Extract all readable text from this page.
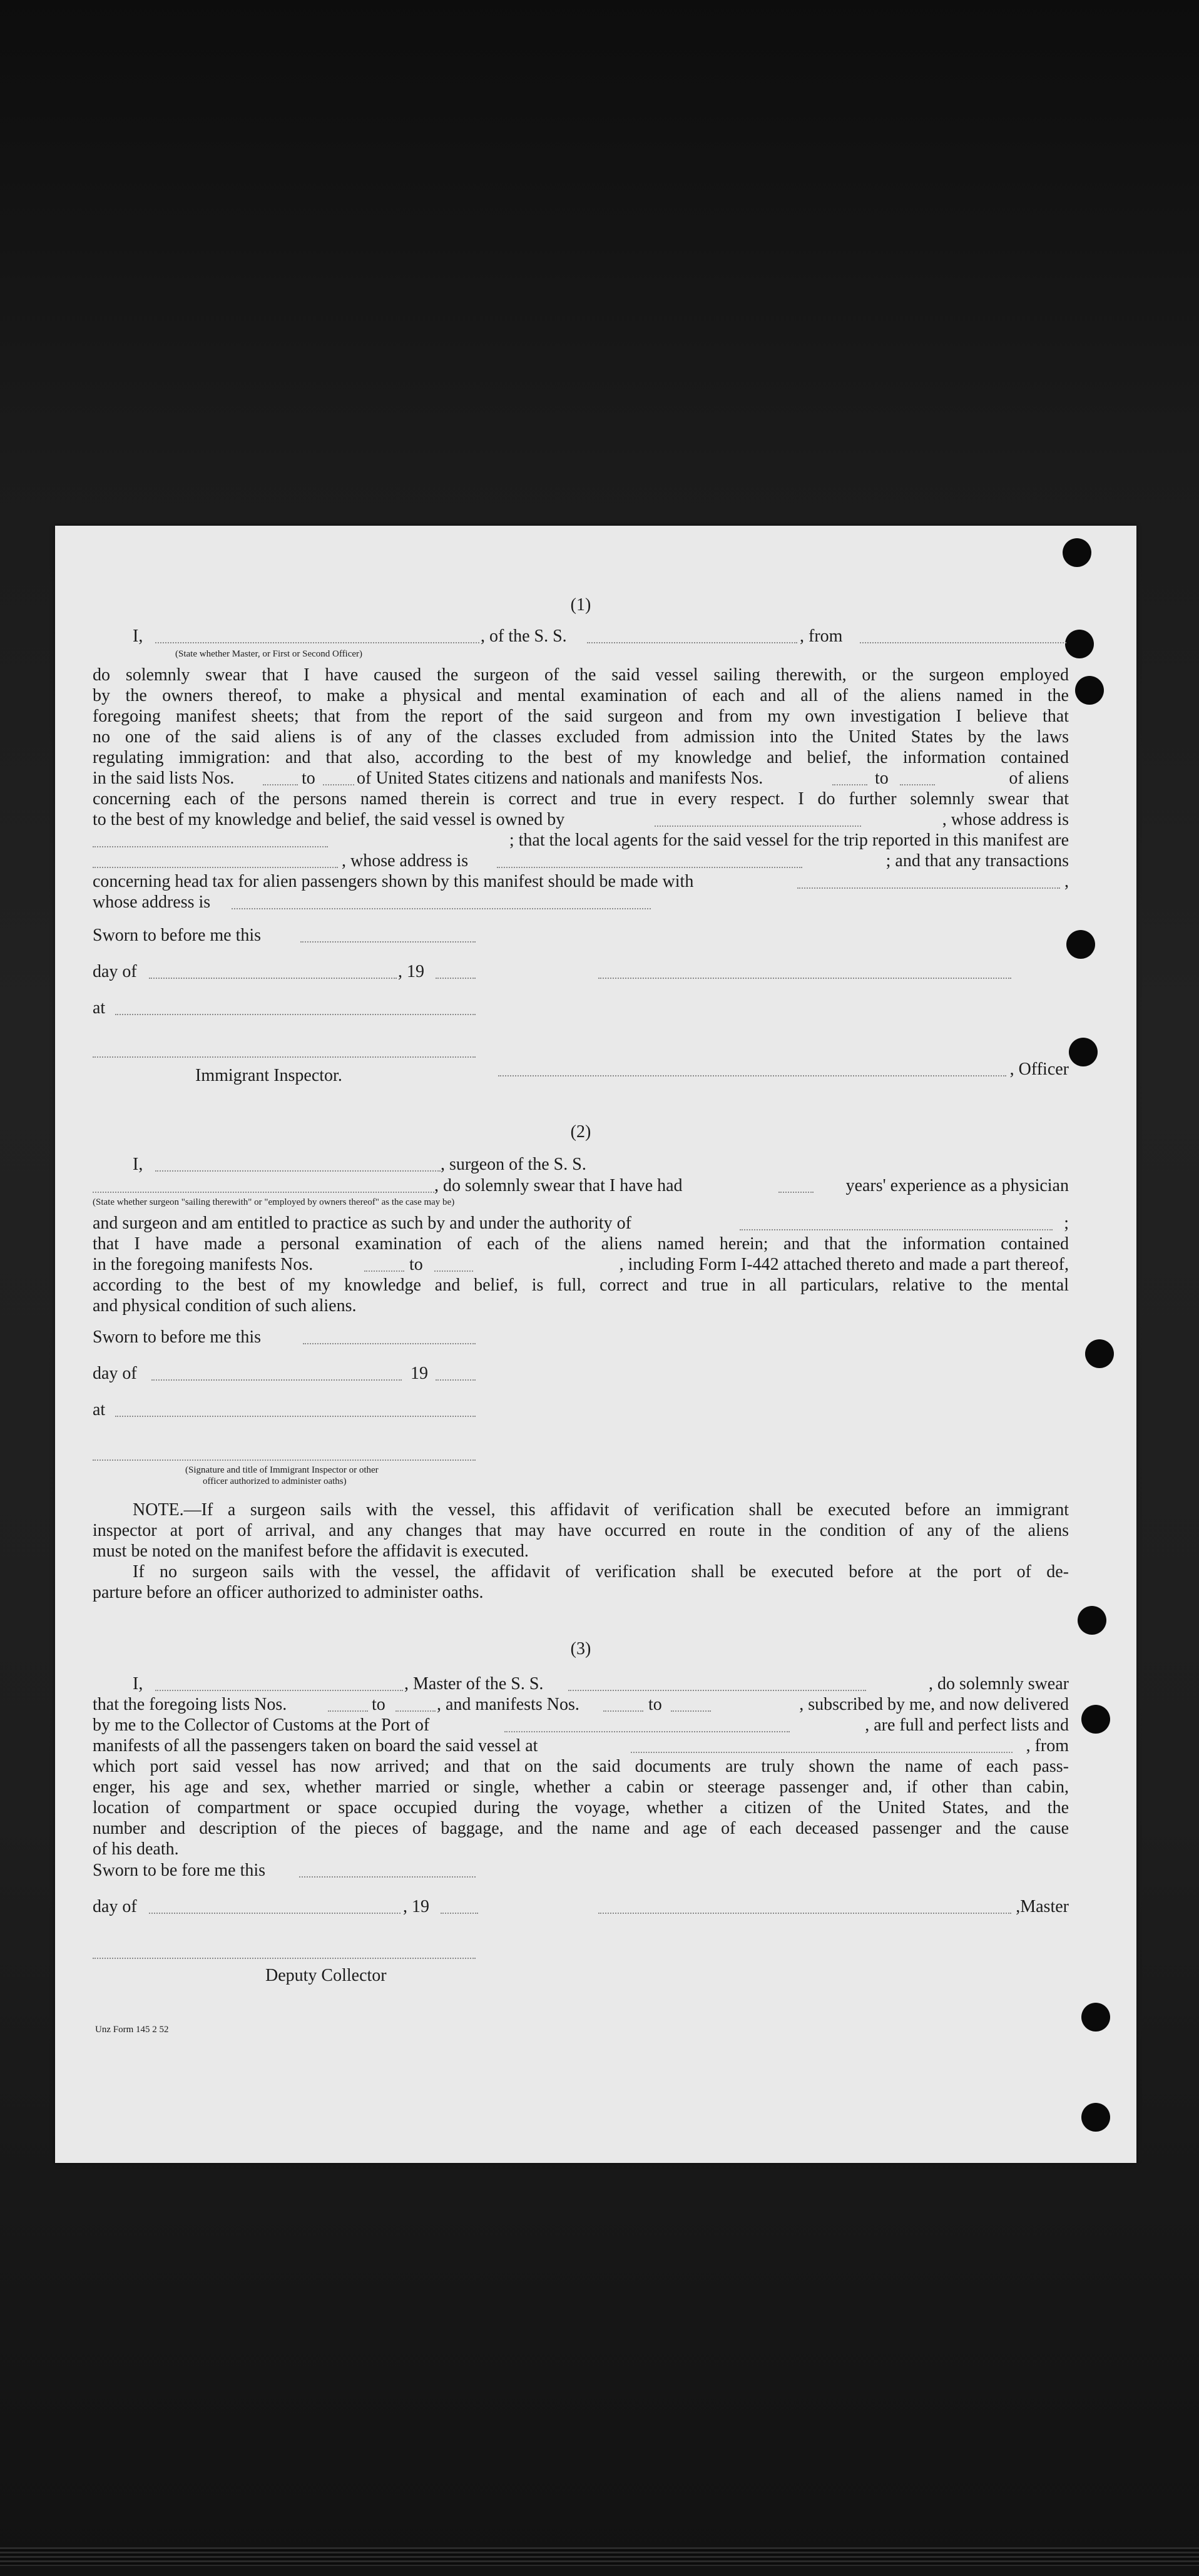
(1)
I,	, of the S. S.	, from
(State whether Master, or First or Second Officer)
do solemnly swear that I have caused the surgeon of the said vessel sailing therewith, or the surgeon employed
by the owners thereof, to make a physical and mental examination of each and all of the aliens named in the
foregoing manifest sheets; that from the report of the said surgeon and from my own investigation I believe that
no one of the said aliens is of any of the classes excluded from admission into the United States by the laws
regulating immigration: and that also, according to the best of my knowledge and belief, the information contained
in the said lists Nos.	to of United States citizens and nationals and manifests Nos.	to	of aliens
concerning each of the persons named therein is correct and true in every respect. I do further solemnly swear that
to the best of my knowledge and belief, the said vessel is owned by	, whose address is
; that the local agents for the said vessel for the trip reported in this manifest are
, whose address is	; and that any transactions
concerning head tax for alien passengers shown by this manifest should be made with	,
whose address is
Sworn to before me this
day of	, 19
at
Immigrant Inspector.	, Officer
(2)
I,	, surgeon of the S. S.
, do solemnly swear that I have had	years' experience as a physician
(State whether surgeon "sailing therewith" or "employed by owners thereof" as the case may be)
and surgeon and am entitled to practice as such by and under the authority of	;
that I have made a personal examination of each of the aliens named herein; and that the information contained
in the foregoing manifests Nos.	to	, including Form I-442 attached thereto and made a part thereof,
according to the best of my knowledge and belief, is full, correct and true in all particulars, relative to the mental
and physical condition of such aliens.
Sworn to before me this
day of	19
at
(Signature and title of Immigrant Inspector or other
officer authorized to administer oaths)
NOTE.—If a surgeon sails with the vessel, this affidavit of verification shall be executed before an immigrant
inspector at port of arrival, and any changes that may have occurred en route in the condition of any of the aliens
must be noted on the manifest before the affidavit is executed.
If no surgeon sails with the vessel, the affidavit of verification shall be executed before at the port of de-
parture before an officer authorized to administer oaths.
(3)
I,	, Master of the S. S.	, do solemnly swear
that the foregoing lists Nos.	to	, and manifests Nos.	to	, subscribed by me, and now delivered
by me to the Collector of Customs at the Port of	, are full and perfect lists and
manifests of all the passengers taken on board the said vessel at	, from
which port said vessel has now arrived; and that on the said documents are truly shown the name of each pass-
enger, his age and sex, whether married or single, whether a cabin or steerage passenger and, if other than cabin,
location of compartment or space occupied during the voyage, whether a citizen of the United States, and the
number and description of the pieces of baggage, and the name and age of each deceased passenger and the cause
of his death.
Sworn to be fore me this
day of	, 19	,Master
Deputy Collector
Unz Form 145 2 52
